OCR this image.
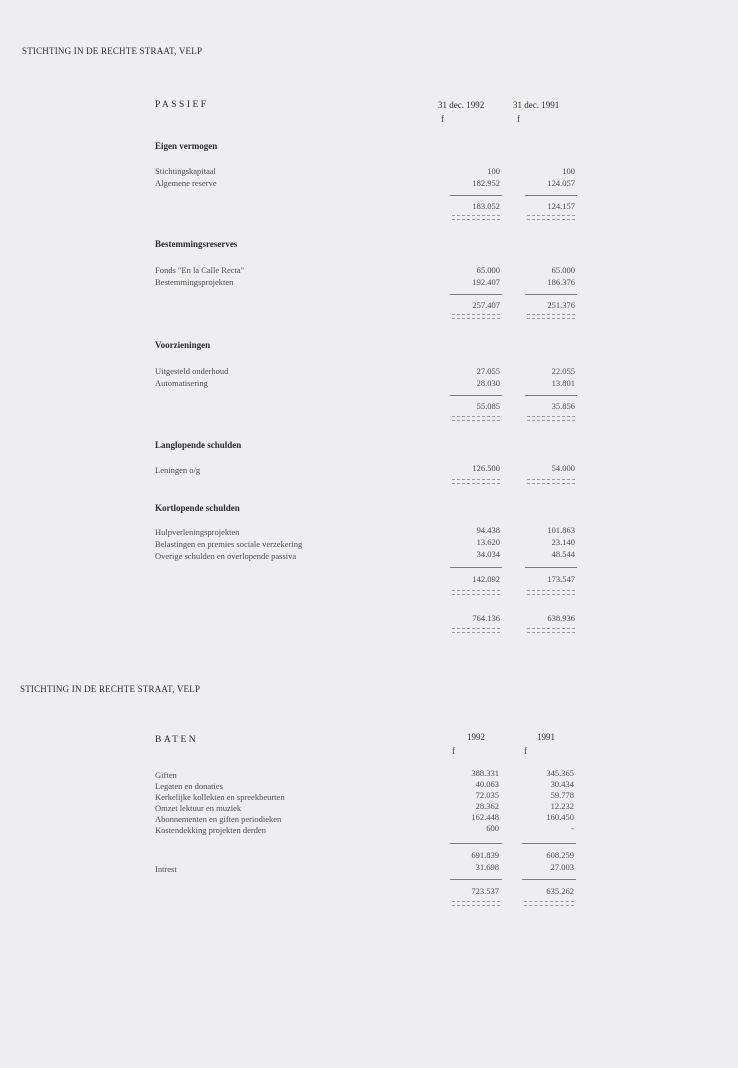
STICHTING IN DE RECHTE STRAAT, VELP
PASSIEF	31 dec. 1992	31 dec. 1991
f	f
Eigen vermogen
Stichtingskapitaal	100	100
Algemene reserve	182.952	124.057
183.052	124.157
Bestemmingsreserves
Fonds "En la Calle Recta"	65.000	65.000
Bestemmingsprojekten	192.407	186.376
257.407	251.376
Voorzieningen
Uitgesteld onderhoud	27.055	22.055
Automatisering	28.030	13.801
55.085	35.856
Langlopende schulden
Leningen o/g	126.500	54.000
Kortlopende schulden
Hulpverleningsprojekten	94.438	101.863
Belastingen en premies sociale verzekering	13.620	23.140
Overige schulden en overlopende passiva	34.034	48.544
142.092	173.547
764.136	638.936
STICHTING IN DE RECHTE STRAAT, VELP
BATEN	1992	1991
f	f
Giften	388.331	345.365
Legaten en donaties	40.063	30.434
Kerkelijke kollekten en spreekbeurten	72.035	59.778
Omzet lektuur en muziek	28.362	12.232
Abonnementen en giften periodieken	162.448	160.450
Kostendekking projekten derden	600	-
691.839	608.259
Intrest	31.698	27.003
723.537	635.262
